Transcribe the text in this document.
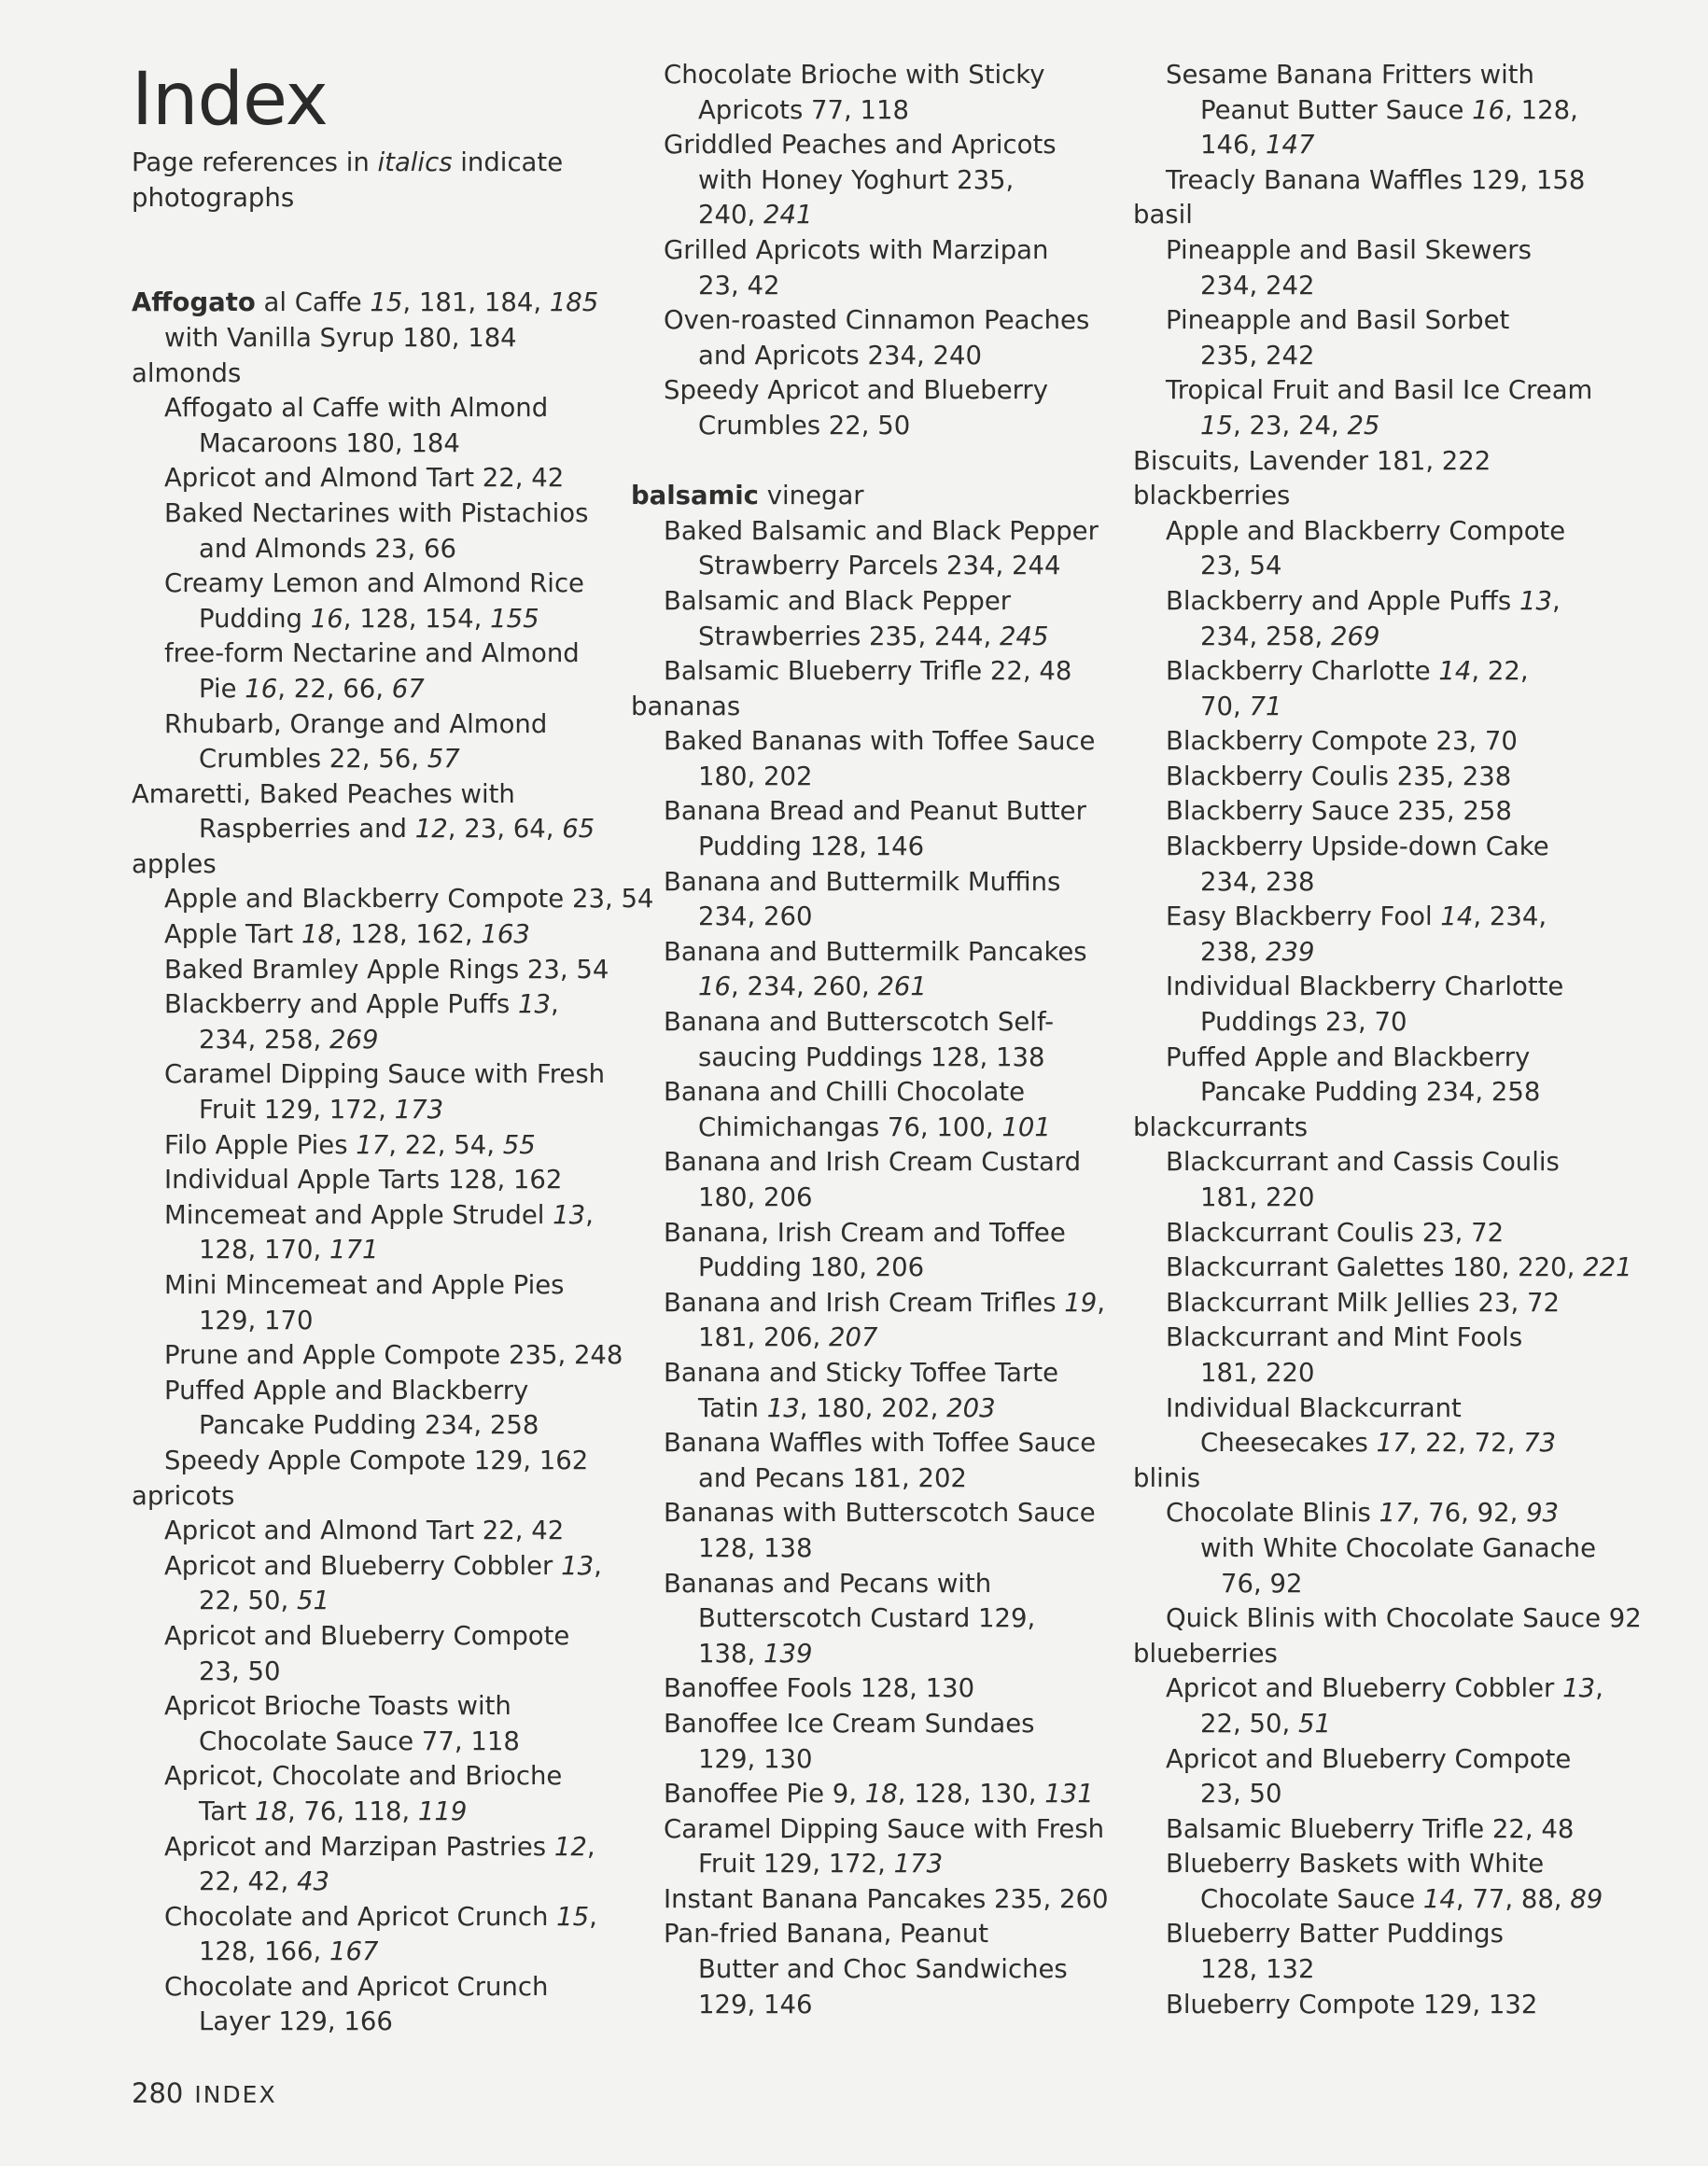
Index
Page references in italics indicate
photographs
Affogato al Caffe 15, 181, 184, 185
with Vanilla Syrup 180, 184
almonds
Affogato al Caffe with Almond
Macaroons 180, 184
Apricot and Almond Tart 22, 42
Baked Nectarines with Pistachios
and Almonds 23, 66
Creamy Lemon and Almond Rice
Pudding 16, 128, 154, 155
free-form Nectarine and Almond
Pie 16, 22, 66, 67
Rhubarb, Orange and Almond
Crumbles 22, 56, 57
Amaretti, Baked Peaches with
Raspberries and 12, 23, 64, 65
apples
Apple and Blackberry Compote 23, 54
Apple Tart 18, 128, 162, 163
Baked Bramley Apple Rings 23, 54
Blackberry and Apple Puffs 13,
234, 258, 269
Caramel Dipping Sauce with Fresh
Fruit 129, 172, 173
Filo Apple Pies 17, 22, 54, 55
Individual Apple Tarts 128, 162
Mincemeat and Apple Strudel 13,
128, 170, 171
Mini Mincemeat and Apple Pies
129, 170
Prune and Apple Compote 235, 248
Puffed Apple and Blackberry
Pancake Pudding 234, 258
Speedy Apple Compote 129, 162
apricots
Apricot and Almond Tart 22, 42
Apricot and Blueberry Cobbler 13,
22, 50, 51
Apricot and Blueberry Compote
23, 50
Apricot Brioche Toasts with
Chocolate Sauce 77, 118
Apricot, Chocolate and Brioche
Tart 18, 76, 118, 119
Apricot and Marzipan Pastries 12,
22, 42, 43
Chocolate and Apricot Crunch 15,
128, 166, 167
Chocolate and Apricot Crunch
Layer 129, 166
Chocolate Brioche with Sticky
Apricots 77, 118
Griddled Peaches and Apricots
with Honey Yoghurt 235,
240, 241
Grilled Apricots with Marzipan
23, 42
Oven-roasted Cinnamon Peaches
and Apricots 234, 240
Speedy Apricot and Blueberry
Crumbles 22, 50
balsamic vinegar
Baked Balsamic and Black Pepper
Strawberry Parcels 234, 244
Balsamic and Black Pepper
Strawberries 235, 244, 245
Balsamic Blueberry Trifle 22, 48
bananas
Baked Bananas with Toffee Sauce
180, 202
Banana Bread and Peanut Butter
Pudding 128, 146
Banana and Buttermilk Muffins
234, 260
Banana and Buttermilk Pancakes
16, 234, 260, 261
Banana and Butterscotch Self-
saucing Puddings 128, 138
Banana and Chilli Chocolate
Chimichangas 76, 100, 101
Banana and Irish Cream Custard
180, 206
Banana, Irish Cream and Toffee
Pudding 180, 206
Banana and Irish Cream Trifles 19,
181, 206, 207
Banana and Sticky Toffee Tarte
Tatin 13, 180, 202, 203
Banana Waffles with Toffee Sauce
and Pecans 181, 202
Bananas with Butterscotch Sauce
128, 138
Bananas and Pecans with
Butterscotch Custard 129,
138, 139
Banoffee Fools 128, 130
Banoffee Ice Cream Sundaes
129, 130
Banoffee Pie 9, 18, 128, 130, 131
Caramel Dipping Sauce with Fresh
Fruit 129, 172, 173
Instant Banana Pancakes 235, 260
Pan-fried Banana, Peanut
Butter and Choc Sandwiches
129, 146
Sesame Banana Fritters with
Peanut Butter Sauce 16, 128,
146, 147
Treacly Banana Waffles 129, 158
basil
Pineapple and Basil Skewers
234, 242
Pineapple and Basil Sorbet
235, 242
Tropical Fruit and Basil Ice Cream
15, 23, 24, 25
Biscuits, Lavender 181, 222
blackberries
Apple and Blackberry Compote
23, 54
Blackberry and Apple Puffs 13,
234, 258, 269
Blackberry Charlotte 14, 22,
70, 71
Blackberry Compote 23, 70
Blackberry Coulis 235, 238
Blackberry Sauce 235, 258
Blackberry Upside-down Cake
234, 238
Easy Blackberry Fool 14, 234,
238, 239
Individual Blackberry Charlotte
Puddings 23, 70
Puffed Apple and Blackberry
Pancake Pudding 234, 258
blackcurrants
Blackcurrant and Cassis Coulis
181, 220
Blackcurrant Coulis 23, 72
Blackcurrant Galettes 180, 220, 221
Blackcurrant Milk Jellies 23, 72
Blackcurrant and Mint Fools
181, 220
Individual Blackcurrant
Cheesecakes 17, 22, 72, 73
blinis
Chocolate Blinis 17, 76, 92, 93
with White Chocolate Ganache
76, 92
Quick Blinis with Chocolate Sauce 92
blueberries
Apricot and Blueberry Cobbler 13,
22, 50, 51
Apricot and Blueberry Compote
23, 50
Balsamic Blueberry Trifle 22, 48
Blueberry Baskets with White
Chocolate Sauce 14, 77, 88, 89
Blueberry Batter Puddings
128, 132
Blueberry Compote 129, 132
280 INDEX
